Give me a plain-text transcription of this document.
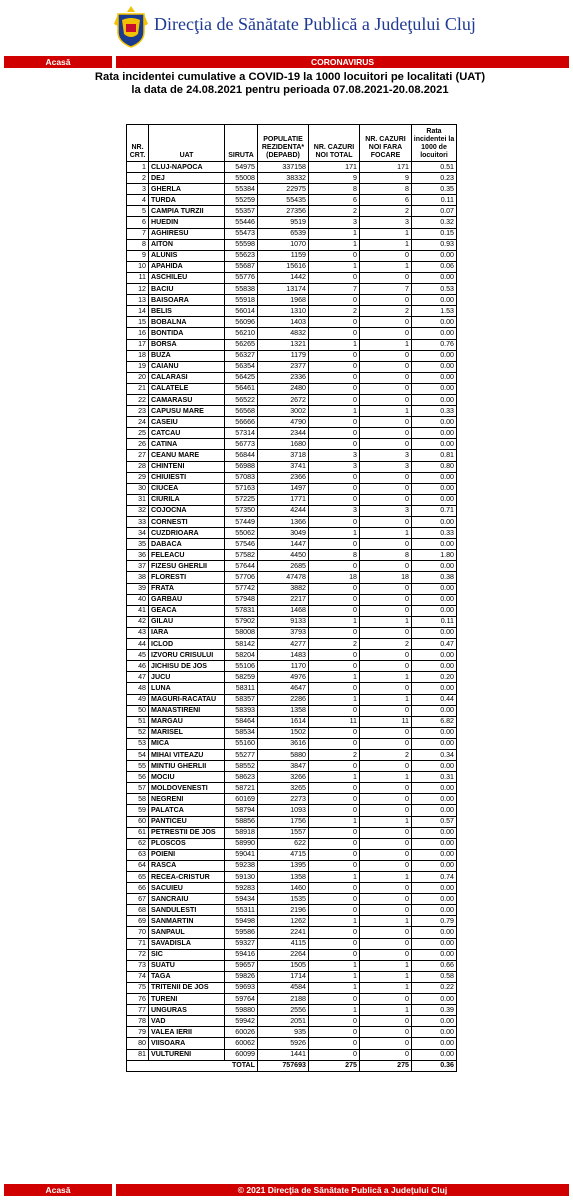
Direcţia de Sănătate Publică a Judeţului Cluj
Acasă	CORONAVIRUS
Rata incidentei cumulative a COVID-19 la 1000 locuitori pe localitati (UAT) la data de 24.08.2021 pentru perioada 07.08.2021-20.08.2021
NR. CRT.	UAT	SIRUTA	POPULATIE REZIDENTA* (DEPABD)	NR. CAZURI NOI TOTAL	NR. CAZURI NOI FARA FOCARE	Rata incidentei la 1000 de locuitori
1	CLUJ-NAPOCA	54975	337158	171	171	0.51
2	DEJ	55008	38332	9	9	0.23
3	GHERLA	55384	22975	8	8	0.35
4	TURDA	55259	55435	6	6	0.11
5	CAMPIA TURZII	55357	27356	2	2	0.07
6	HUEDIN	55446	9519	3	3	0.32
7	AGHIRESU	55473	6539	1	1	0.15
8	AITON	55598	1070	1	1	0.93
9	ALUNIS	55623	1159	0	0	0.00
10	APAHIDA	55687	15616	1	1	0.06
11	ASCHILEU	55776	1442	0	0	0.00
12	BACIU	55838	13174	7	7	0.53
13	BAISOARA	55918	1968	0	0	0.00
14	BELIS	56014	1310	2	2	1.53
15	BOBALNA	56096	1403	0	0	0.00
16	BONTIDA	56210	4832	0	0	0.00
17	BORSA	56265	1321	1	1	0.76
18	BUZA	56327	1179	0	0	0.00
19	CAIANU	56354	2377	0	0	0.00
20	CALARASI	56425	2336	0	0	0.00
21	CALATELE	56461	2480	0	0	0.00
22	CAMARASU	56522	2672	0	0	0.00
23	CAPUSU MARE	56568	3002	1	1	0.33
24	CASEIU	56666	4790	0	0	0.00
25	CATCAU	57314	2344	0	0	0.00
26	CATINA	56773	1680	0	0	0.00
27	CEANU MARE	56844	3718	3	3	0.81
28	CHINTENI	56988	3741	3	3	0.80
29	CHIUIESTI	57083	2366	0	0	0.00
30	CIUCEA	57163	1497	0	0	0.00
31	CIURILA	57225	1771	0	0	0.00
32	COJOCNA	57350	4244	3	3	0.71
33	CORNESTI	57449	1366	0	0	0.00
34	CUZDRIOARA	55062	3049	1	1	0.33
35	DABACA	57546	1447	0	0	0.00
36	FELEACU	57582	4450	8	8	1.80
37	FIZESU GHERLII	57644	2685	0	0	0.00
38	FLORESTI	57706	47478	18	18	0.38
39	FRATA	57742	3882	0	0	0.00
40	GARBAU	57948	2217	0	0	0.00
41	GEACA	57831	1468	0	0	0.00
42	GILAU	57902	9133	1	1	0.11
43	IARA	58008	3793	0	0	0.00
44	ICLOD	58142	4277	2	2	0.47
45	IZVORU CRISULUI	58204	1483	0	0	0.00
46	JICHISU DE JOS	55106	1170	0	0	0.00
47	JUCU	58259	4976	1	1	0.20
48	LUNA	58311	4647	0	0	0.00
49	MAGURI-RACATAU	58357	2286	1	1	0.44
50	MANASTIRENI	58393	1358	0	0	0.00
51	MARGAU	58464	1614	11	11	6.82
52	MARISEL	58534	1502	0	0	0.00
53	MICA	55160	3616	0	0	0.00
54	MIHAI VITEAZU	55277	5880	2	2	0.34
55	MINTIU GHERLII	58552	3847	0	0	0.00
56	MOCIU	58623	3266	1	1	0.31
57	MOLDOVENESTI	58721	3265	0	0	0.00
58	NEGRENI	60169	2273	0	0	0.00
59	PALATCA	58794	1093	0	0	0.00
60	PANTICEU	58856	1756	1	1	0.57
61	PETRESTII DE JOS	58918	1557	0	0	0.00
62	PLOSCOS	58990	622	0	0	0.00
63	POIENI	59041	4715	0	0	0.00
64	RASCA	59238	1395	0	0	0.00
65	RECEA-CRISTUR	59130	1358	1	1	0.74
66	SACUIEU	59283	1460	0	0	0.00
67	SANCRAIU	59434	1535	0	0	0.00
68	SANDULESTI	55311	2196	0	0	0.00
69	SANMARTIN	59498	1262	1	1	0.79
70	SANPAUL	59586	2241	0	0	0.00
71	SAVADISLA	59327	4115	0	0	0.00
72	SIC	59416	2264	0	0	0.00
73	SUATU	59657	1505	1	1	0.66
74	TAGA	59826	1714	1	1	0.58
75	TRITENII DE JOS	59693	4584	1	1	0.22
76	TURENI	59764	2188	0	0	0.00
77	UNGURAS	59880	2556	1	1	0.39
78	VAD	59942	2051	0	0	0.00
79	VALEA IERII	60026	935	0	0	0.00
80	VIISOARA	60062	5926	0	0	0.00
81	VULTURENI	60099	1441	0	0	0.00
TOTAL			757693	275	275	0.36
Acasă	© 2021 Direcţia de Sănătate Publică a Judeţului Cluj
